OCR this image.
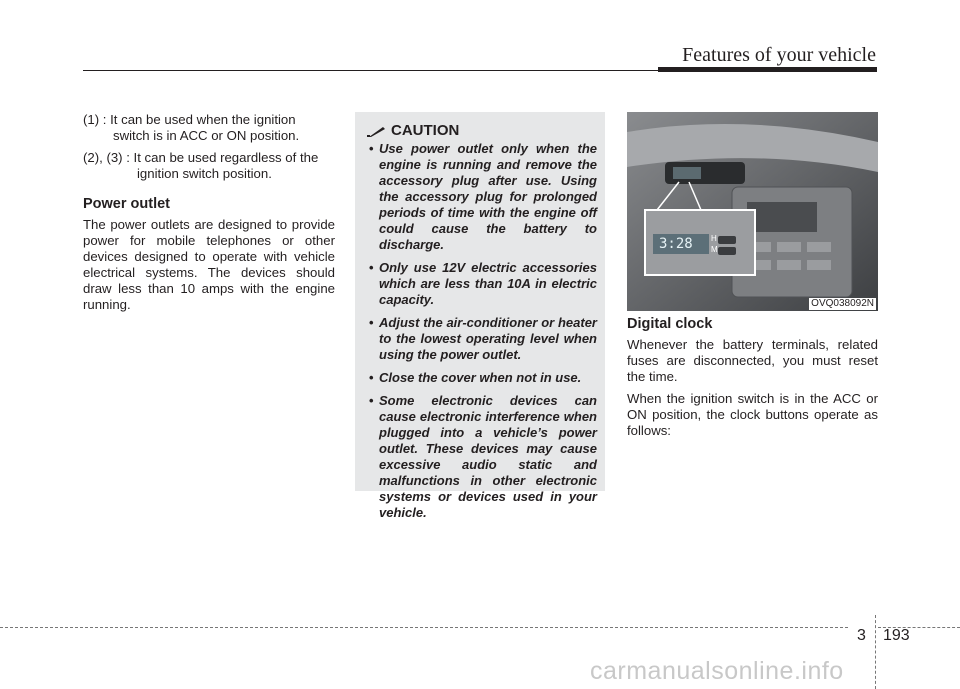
Features of your vehicle
(1) : It can be used when the ignition
switch is in ACC or ON position.
(2), (3) : It can be used regardless of the
ignition switch position.
Power outlet

The power outlets are designed to provide power for mobile telephones or other devices designed to operate with vehicle electrical systems. The devices should draw less than 10 amps with the engine running.

CAUTION
• Use power outlet only when the engine is running and remove the accessory plug after use. Using the accessory plug for prolonged periods of time with the engine off could cause the battery to discharge.
• Only use 12V electric accessories which are less than 10A in electric capacity.
• Adjust the air-conditioner or heater to the lowest operating level when using the power outlet.
• Close the cover when not in use.
• Some electronic devices can cause electronic interference when plugged into a vehicle’s power outlet. These devices may cause excessive audio static and malfunctions in other electronic systems or devices used in your vehicle.
3:28 H
M
OVQ038092N
Digital clock

Whenever the battery terminals, related fuses are disconnected, you must reset the time.

When the ignition switch is in the ACC or ON position, the clock buttons operate as follows:

3 193
carmanualsonline.info
